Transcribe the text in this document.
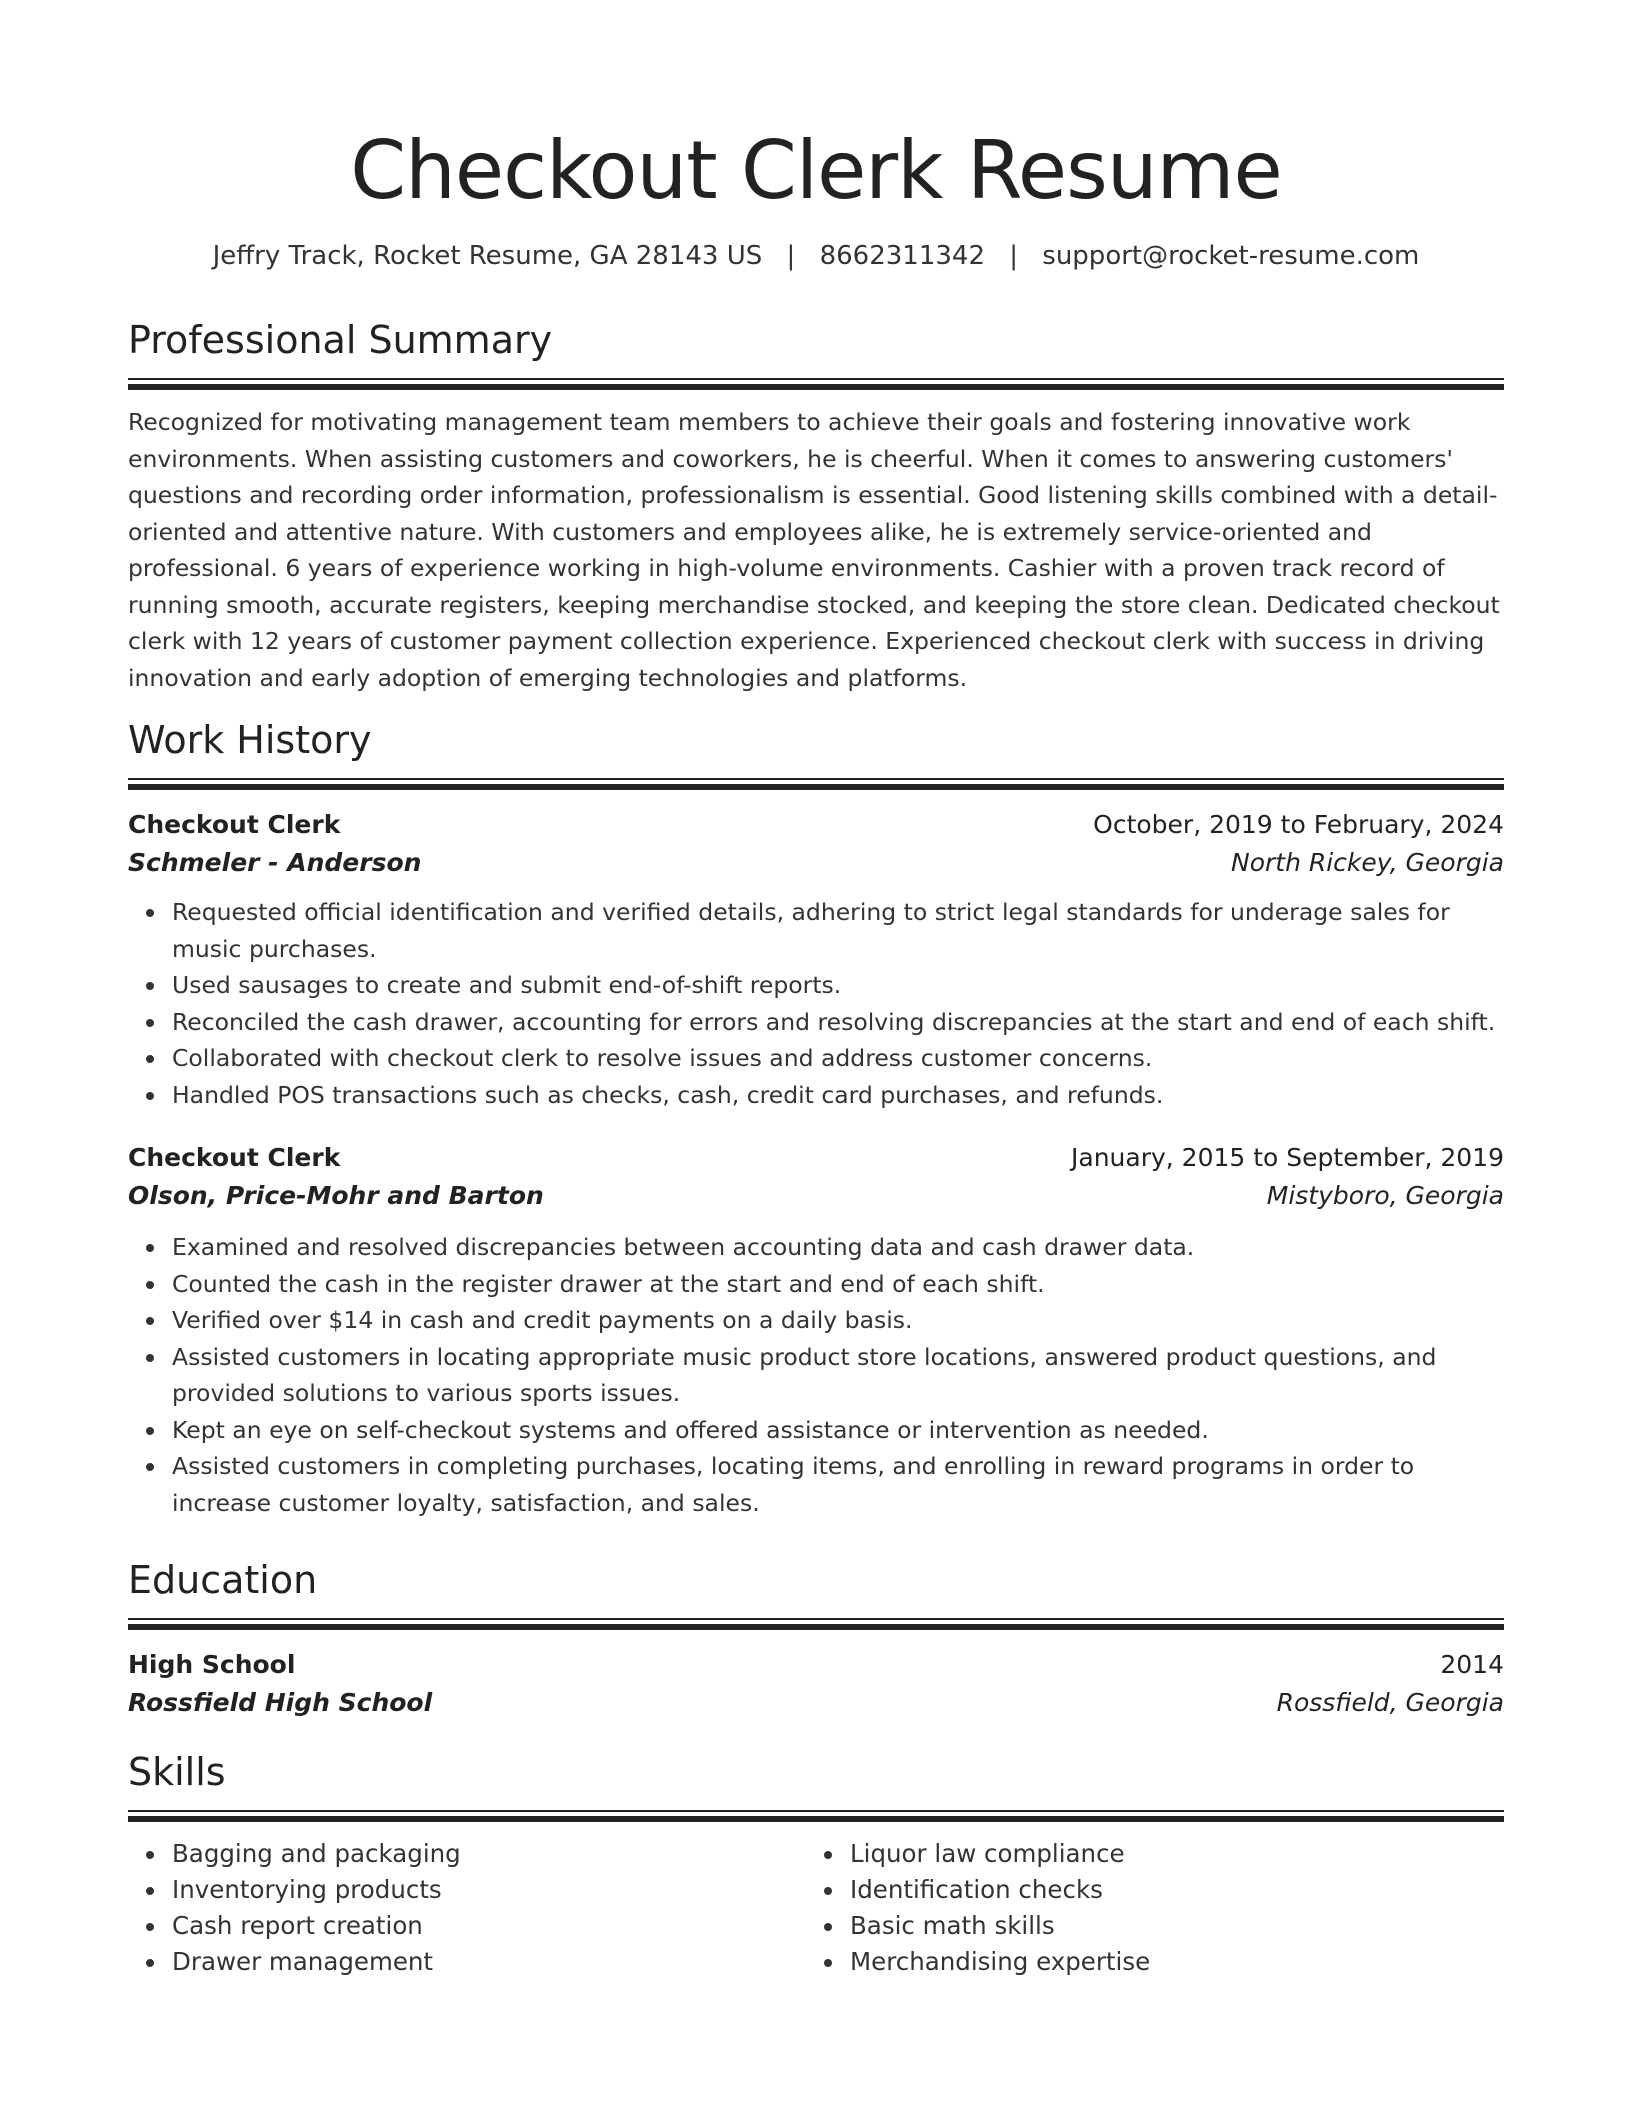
Checkout Clerk Resume
Jeffry Track, Rocket Resume, GA 28143 US | 8662311342 | support@rocket-resume.com
Professional Summary

Recognized for motivating management team members to achieve their goals and fostering innovative work environments. When assisting customers and coworkers, he is cheerful. When it comes to answering customers' questions and recording order information, professionalism is essential. Good listening skills combined with a detail-oriented and attentive nature. With customers and employees alike, he is extremely service-oriented and professional. 6 years of experience working in high-volume environments. Cashier with a proven track record of running smooth, accurate registers, keeping merchandise stocked, and keeping the store clean. Dedicated checkout clerk with 12 years of customer payment collection experience. Experienced checkout clerk with success in driving innovation and early adoption of emerging technologies and platforms.

Work History
Checkout Clerk	October, 2019 to February, 2024
Schmeler - Anderson	North Rickey, Georgia
Requested official identification and verified details, adhering to strict legal standards for underage sales for music purchases.
Used sausages to create and submit end-of-shift reports.
Reconciled the cash drawer, accounting for errors and resolving discrepancies at the start and end of each shift.
Collaborated with checkout clerk to resolve issues and address customer concerns.
Handled POS transactions such as checks, cash, credit card purchases, and refunds.
Checkout Clerk	January, 2015 to September, 2019
Olson, Price-Mohr and Barton	Mistyboro, Georgia
Examined and resolved discrepancies between accounting data and cash drawer data.
Counted the cash in the register drawer at the start and end of each shift.
Verified over $14 in cash and credit payments on a daily basis.
Assisted customers in locating appropriate music product store locations, answered product questions, and provided solutions to various sports issues.
Kept an eye on self-checkout systems and offered assistance or intervention as needed.
Assisted customers in completing purchases, locating items, and enrolling in reward programs in order to increase customer loyalty, satisfaction, and sales.
Education
High School	2014
Rossfield High School	Rossfield, Georgia
Skills
Bagging and packaging
Inventorying products
Cash report creation
Drawer management
Liquor law compliance
Identification checks
Basic math skills
Merchandising expertise
